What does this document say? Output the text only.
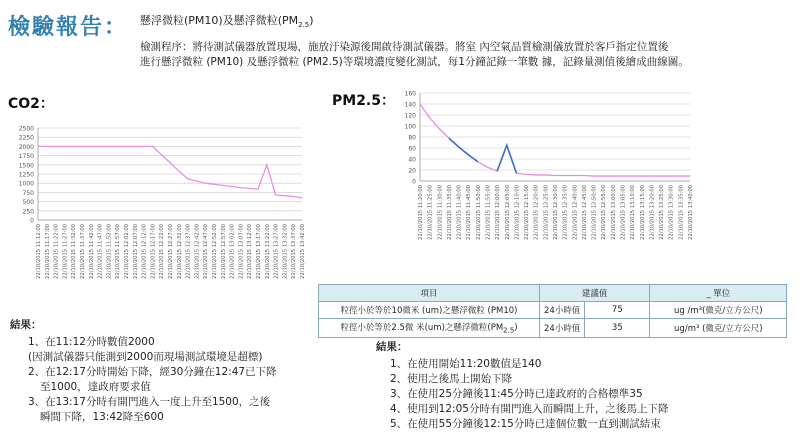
檢驗報告： 懸浮微粒(PM10)及懸浮微粒$(PM_{2.5})$
檢測程序：將待測試儀器放置現場，施放汙染源後開啟待測試儀器。將室 內空氣品質檢測儀放置於客戶指定位置後
進行懸浮微粒 (PM10) 及懸浮微粒 (PM2.5)等環境濃度變化測試，每1分鐘記錄一筆數 據，記錄量測值後繪成曲線圖。
CO2：
0
250
500
750
1000
1250
1500
1750
2000
2250
2500
22/10/2015 11:12:00 22/10/2015 11:17:00 22/10/2015 11:22:00 22/10/2015 11:27:00 22/10/2015 11:32:00 22/10/2015 11:37:00 22/10/2015 11:42:00 22/10/2015 11:47:00 22/10/2015 11:52:00 22/10/2015 11:57:00 22/10/2015 12:02:00 22/10/2015 12:07:00 22/10/2015 12:12:00 22/10/2015 12:17:00 22/10/2015 12:22:00 22/10/2015 12:27:00 22/10/2015 12:32:00 22/10/2015 12:37:00 22/10/2015 12:42:00 22/10/2015 12:47:00 22/10/2015 12:52:00 22/10/2015 12:57:00 22/10/2015 13:02:00 22/10/2015 13:07:00 22/10/2015 13:12:00 22/10/2015 13:17:00 22/10/2015 13:22:00 22/10/2015 13:27:00 22/10/2015 13:32:00 22/10/2015 13:37:00 22/10/2015 13:42:00
PM2.5：
0
20
40
60
80
100
120
140
160
22/10/2015 11:20:00 22/10/2015 11:25:00 22/10/2015 11:30:00 22/10/2015 11:35:00 22/10/2015 11:40:00 22/10/2015 11:45:00 22/10/2015 11:50:00 22/10/2015 11:55:00 22/10/2015 12:00:00 22/10/2015 12:05:00 22/10/2015 12:10:00 22/10/2015 12:15:00 22/10/2015 12:20:00 22/10/2015 12:25:00 22/10/2015 12:30:00 22/10/2015 12:35:00 22/10/2015 12:40:00 22/10/2015 12:45:00 22/10/2015 12:50:00 22/10/2015 12:55:00 22/10/2015 13:00:00 22/10/2015 13:05:00 22/10/2015 13:10:00 22/10/2015 13:15:00 22/10/2015 13:20:00 22/10/2015 13:25:00 22/10/2015 13:30:00 22/10/2015 13:35:00 22/10/2015 13:40:00
項目	建議值		_ 單位
粒徑小於等於10微米 (um)之懸浮微粒 (PM10)	24小時值	75	ug /m³(微克/立方公尺)
粒徑小於等於2.5微 米(um)之懸浮微粒$(PM_{2.5})$	24小時值	35	ug/m³ (微克/立方公尺)
結果：
1、在11:12分時數值2000
(因測試儀器只能測到2000而現場測試環境是超標)
2、在12:17分時開始下降，經30分鐘在12:47已下降
至1000，達政府要求值
3、在13:17分時有開門進入一度上升至1500，之後
瞬間下降，13:42降至600
結果：
1、在使用開始11:20數值是140
2、使用之後馬上開始下降
3、在使用25分鐘後11:45分時已達政府的合格標準35
4、使用到12:05分時有開門進入而瞬間上升，之後馬上下降
5、在使用55分鐘後12:15分時已達個位數一直到測試結束
